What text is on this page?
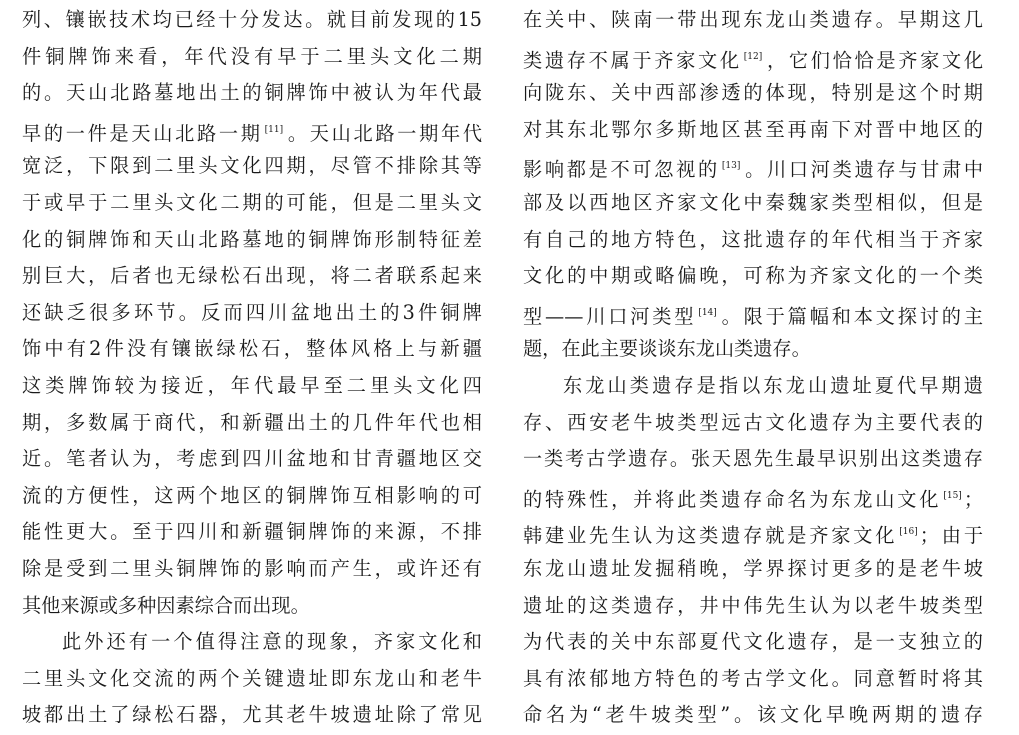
列、镶嵌技术均已经十分发达。就目前发现的15
件铜牌饰来看，年代没有早于二里头文化二期
的。天山北路墓地出土的铜牌饰中被认为年代最
早的一件是天山北路一期 [11] 。天山北路一期年代
宽泛，下限到二里头文化四期，尽管不排除其等
于或早于二里头文化二期的可能，但是二里头文
化的铜牌饰和天山北路墓地的铜牌饰形制特征差
别巨大，后者也无绿松石出现，将二者联系起来
还缺乏很多环节。反而四川盆地出土的3件铜牌
饰中有2件没有镶嵌绿松石，整体风格上与新疆
这类牌饰较为接近，年代最早至二里头文化四
期，多数属于商代，和新疆出土的几件年代也相
近。笔者认为，考虑到四川盆地和甘青疆地区交
流的方便性，这两个地区的铜牌饰互相影响的可
能性更大。至于四川和新疆铜牌饰的来源，不排
除是受到二里头铜牌饰的影响而产生，或许还有
其他来源或多种因素综合而出现。
此外还有一个值得注意的现象，齐家文化和
二里头文化交流的两个关键遗址即东龙山和老牛
坡都出土了绿松石器，尤其老牛坡遗址除了常见
在关中、陕南一带出现东龙山类遗存。早期这几
类遗存不属于齐家文化 [12] ，它们恰恰是齐家文化
向陇东、关中西部渗透的体现，特别是这个时期
对其东北鄂尔多斯地区甚至再南下对晋中地区的
影响都是不可忽视的 [13] 。川口河类遗存与甘肃中
部及以西地区齐家文化中秦魏家类型相似，但是
有自己的地方特色，这批遗存的年代相当于齐家
文化的中期或略偏晚，可称为齐家文化的一个类
型——川口河类型 [14] 。限于篇幅和本文探讨的主
题，在此主要谈谈东龙山类遗存。
东龙山类遗存是指以东龙山遗址夏代早期遗
存、西安老牛坡类型远古文化遗存为主要代表的
一类考古学遗存。张天恩先生最早识别出这类遗存
的特殊性，并将此类遗存命名为东龙山文化 [15] ；
韩建业先生认为这类遗存就是齐家文化 [16] ；由于
东龙山遗址发掘稍晚，学界探讨更多的是老牛坡
遗址的这类遗存，井中伟先生认为以老牛坡类型
为代表的关中东部夏代文化遗存，是一支独立的
具有浓郁地方特色的考古学文化。同意暂时将其
命名为“老牛坡类型”。该文化早晚两期的遗存
